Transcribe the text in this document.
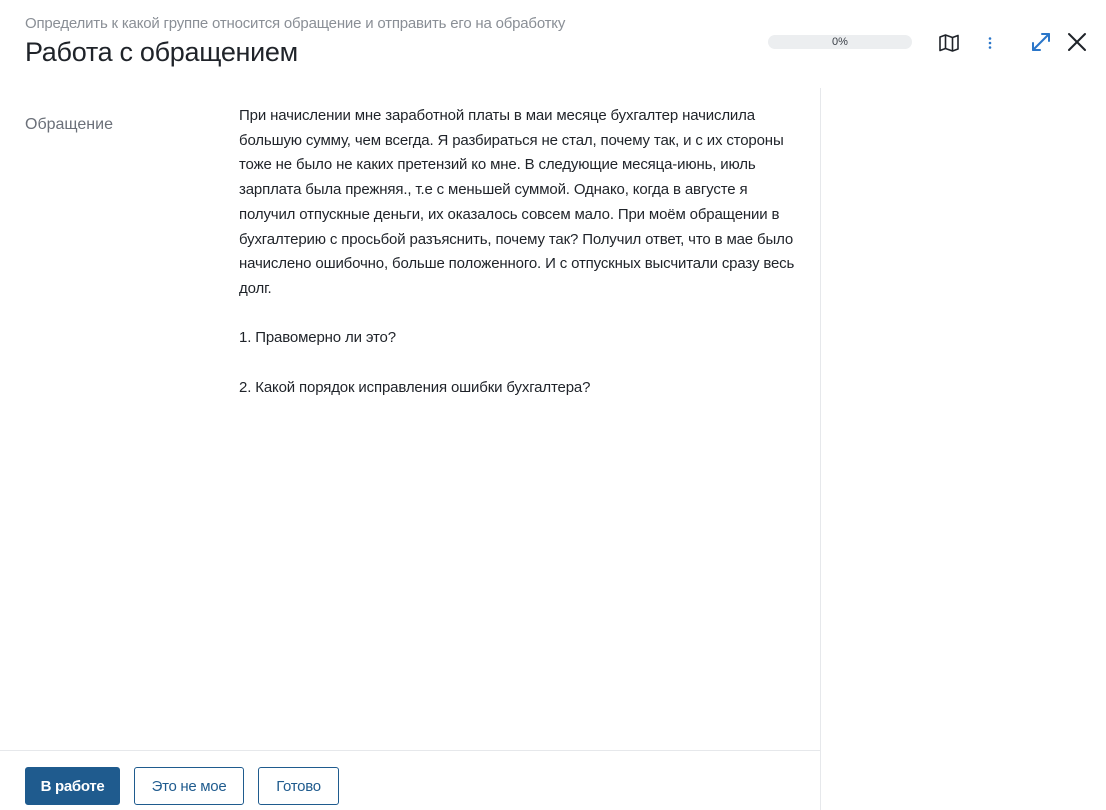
Определить к какой группе относится обращение и отправить его на обработку
Работа с обращением	0%
Обращение

При начислении мне заработной платы в маи месяце бухгалтер начислила большую сумму, чем всегда. Я разбираться не стал, почему так, и с их стороны тоже не было не каких претензий ко мне. В следующие месяца-июнь, июль зарплата была прежняя., т.е с меньшей суммой. Однако, когда в августе я получил отпускные деньги, их оказалось совсем мало. При моём обращении в бухгалтерию с просьбой разъяснить, почему так? Получил ответ, что в мае было начислено ошибочно, больше положенного. И с отпускных высчитали сразу весь долг.

1. Правомерно ли это?

2. Какой порядок исправления ошибки бухгалтера?

В работе	Это не мое	Готово
